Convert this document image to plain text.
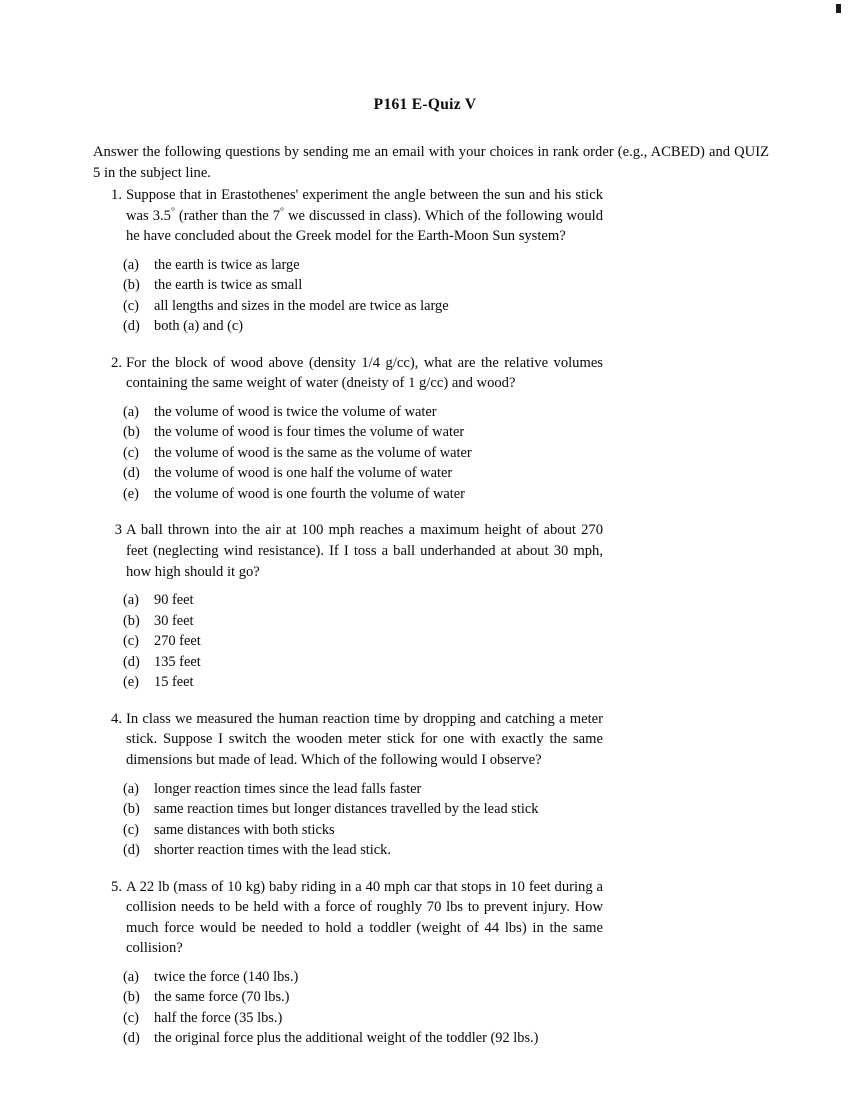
P161 E-Quiz V
Answer the following questions by sending me an email with your choices in rank order (e.g., ACBED) and QUIZ 5 in the subject line.
1. Suppose that in Erastothenes' experiment the angle between the sun and his stick was 3.5° (rather than the 7° we discussed in class). Which of the following would he have concluded about the Greek model for the Earth-Moon Sun system?
(a)	the earth is twice as large
(b) the earth is twice as small
(c)	all lengths and sizes in the model are twice as large
(d) both (a) and (c)
2. For the block of wood above (density 1/4 g/cc), what are the relative volumes containing the same weight of water (dneisty of 1 g/cc) and wood?
(a)	the volume of wood is twice the volume of water
(b) the volume of wood is four times the volume of water
(c)	the volume of wood is the same as the volume of water
(d) the volume of wood is one half the volume of water
(e)	the volume of wood is one fourth the volume of water
3 A ball thrown into the air at 100 mph reaches a maximum height of about 270 feet (neglecting wind resistance). If I toss a ball underhanded at about 30 mph, how high should it go?
(a)	90 feet
(b) 30 feet
(c)	270 feet
(d) 135 feet
(e)	15 feet
4. In class we measured the human reaction time by dropping and catching a meter stick. Suppose I switch the wooden meter stick for one with exactly the same dimensions but made of lead. Which of the following would I observe?
(a)	longer reaction times since the lead falls faster
(b) same reaction times but longer distances travelled by the lead stick
(c)	same distances with both sticks
(d) shorter reaction times with the lead stick.
5. A 22 lb (mass of 10 kg) baby riding in a 40 mph car that stops in 10 feet during a collision needs to be held with a force of roughly 70 lbs to prevent injury. How much force would be needed to hold a toddler (weight of 44 lbs) in the same collision?
(a)	twice the force (140 lbs.)
(b) the same force (70 lbs.)
(c)	half the force (35 lbs.)
(d) the original force plus the additional weight of the toddler (92 lbs.)
